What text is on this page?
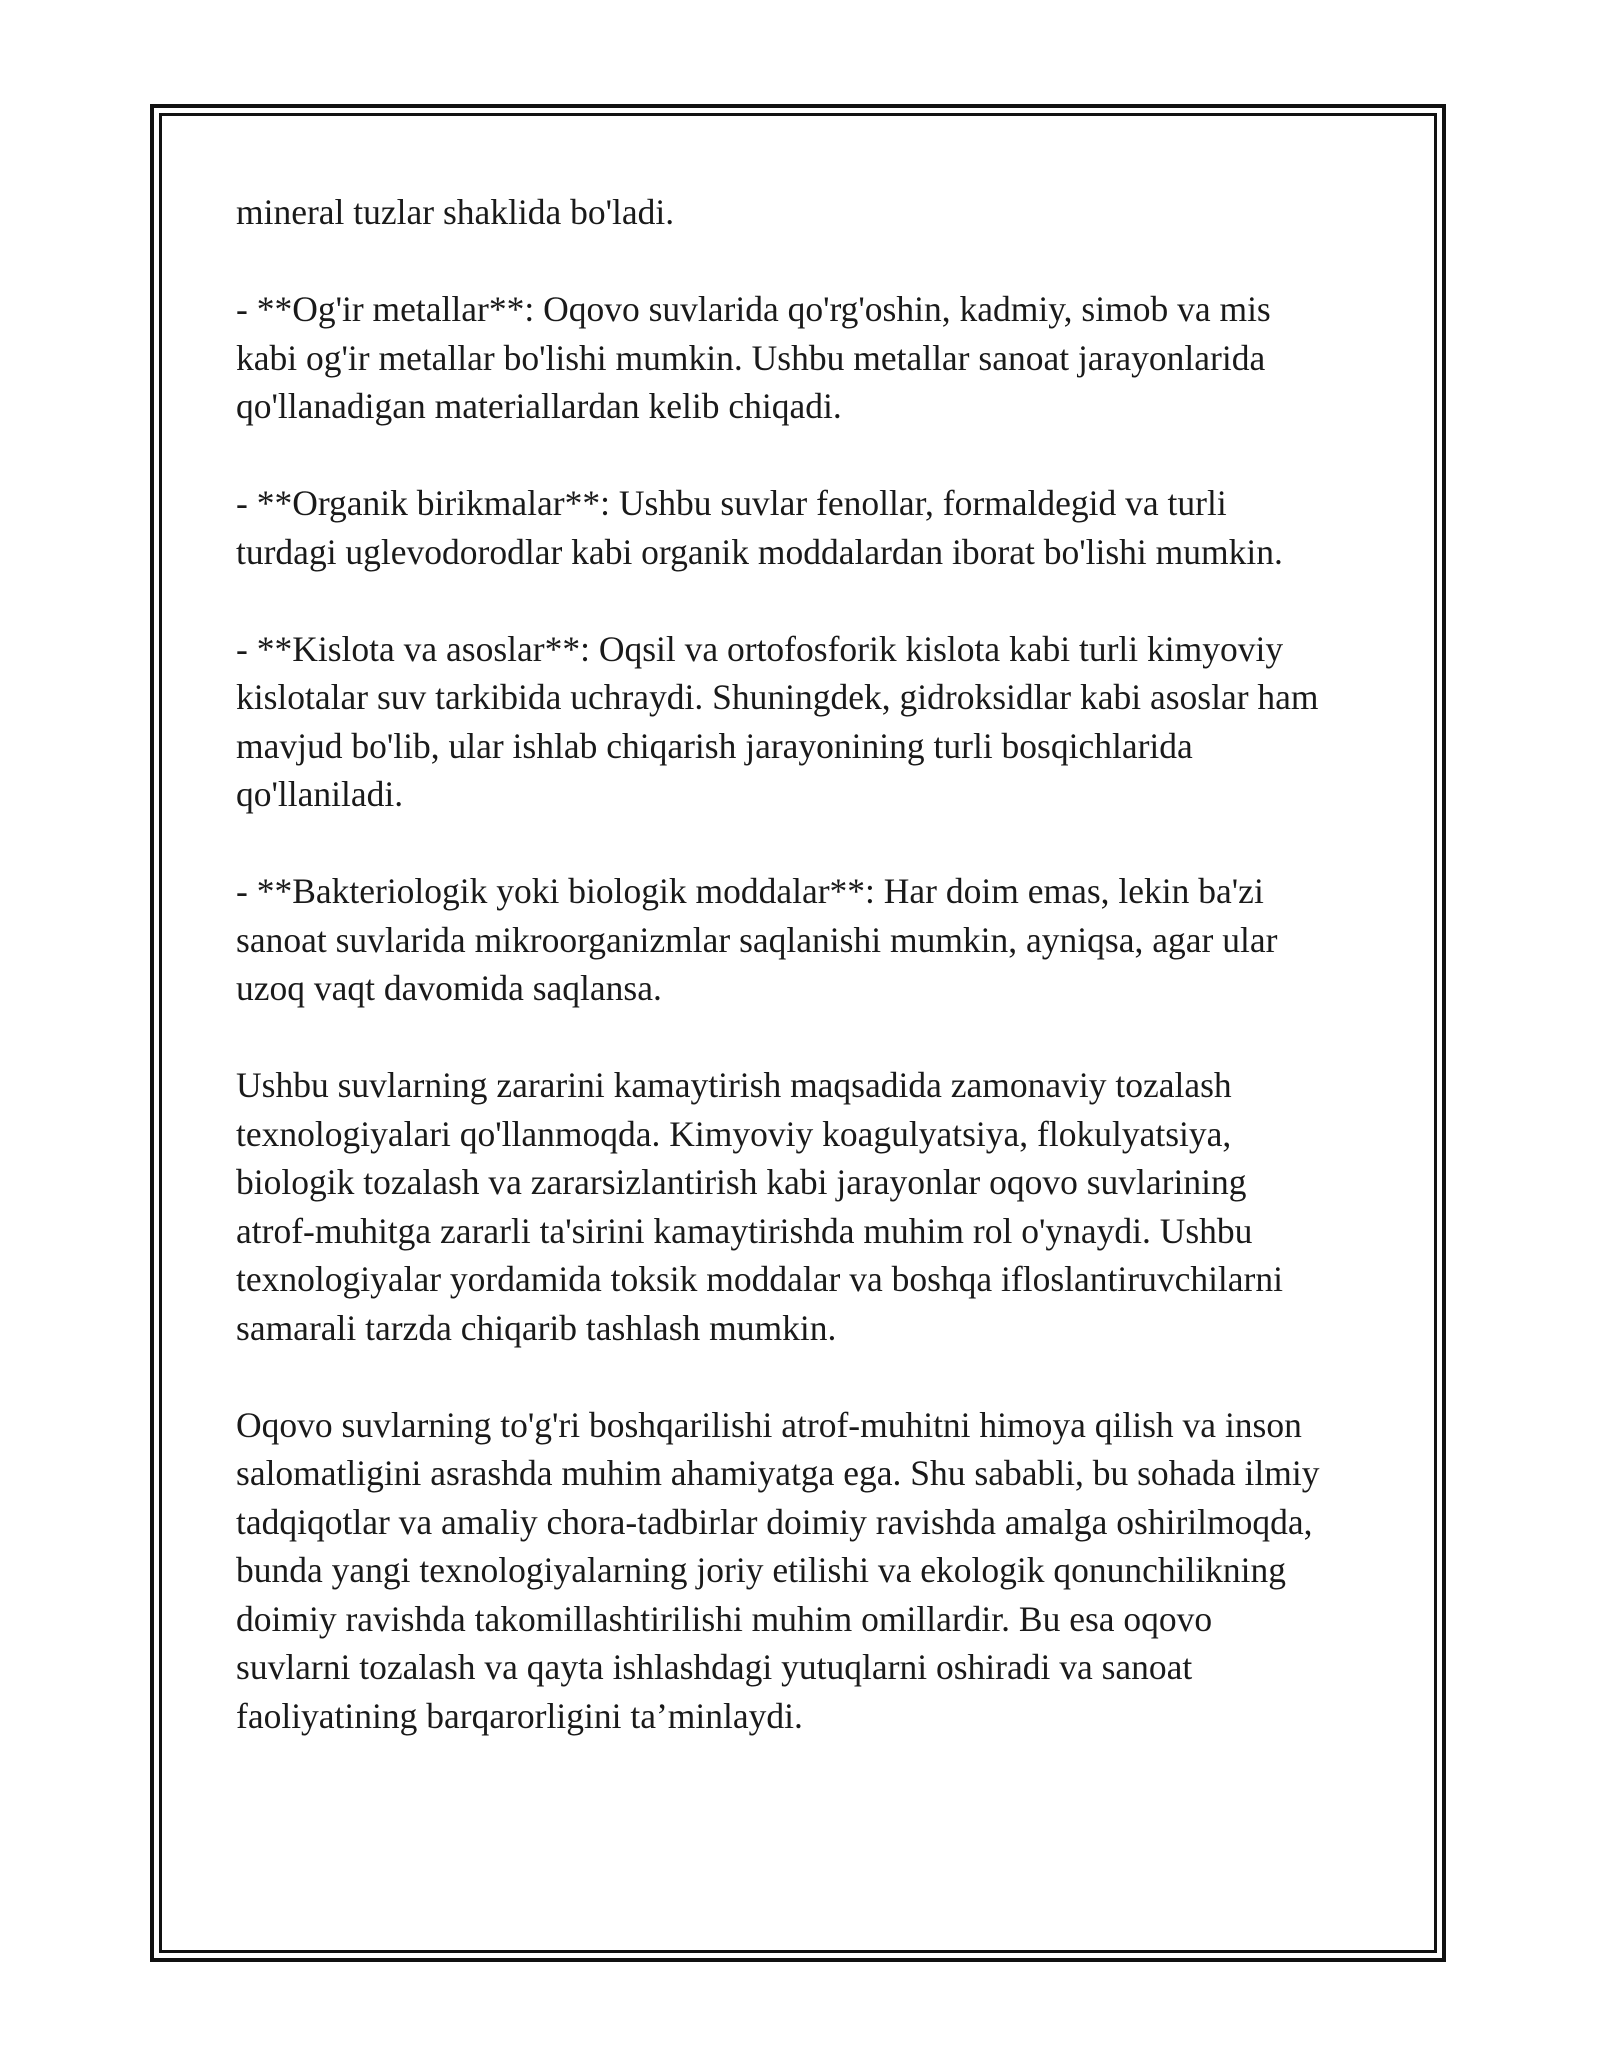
mineral tuzlar shaklida bo'ladi.

- **Og'ir metallar**: Oqovo suvlarida qo'rg'oshin, kadmiy, simob va mis
kabi og'ir metallar bo'lishi mumkin. Ushbu metallar sanoat jarayonlarida
qo'llanadigan materiallardan kelib chiqadi.

- **Organik birikmalar**: Ushbu suvlar fenollar, formaldegid va turli
turdagi uglevodorodlar kabi organik moddalardan iborat bo'lishi mumkin.

- **Kislota va asoslar**: Oqsil va ortofosforik kislota kabi turli kimyoviy
kislotalar suv tarkibida uchraydi. Shuningdek, gidroksidlar kabi asoslar ham
mavjud bo'lib, ular ishlab chiqarish jarayonining turli bosqichlarida
qo'llaniladi.

- **Bakteriologik yoki biologik moddalar**: Har doim emas, lekin ba'zi
sanoat suvlarida mikroorganizmlar saqlanishi mumkin, ayniqsa, agar ular
uzoq vaqt davomida saqlansa.

Ushbu suvlarning zararini kamaytirish maqsadida zamonaviy tozalash
texnologiyalari qo'llanmoqda. Kimyoviy koagulyatsiya, flokulyatsiya,
biologik tozalash va zararsizlantirish kabi jarayonlar oqovo suvlarining
atrof-muhitga zararli ta'sirini kamaytirishda muhim rol o'ynaydi. Ushbu
texnologiyalar yordamida toksik moddalar va boshqa ifloslantiruvchilarni
samarali tarzda chiqarib tashlash mumkin.

Oqovo suvlarning to'g'ri boshqarilishi atrof-muhitni himoya qilish va inson
salomatligini asrashda muhim ahamiyatga ega. Shu sababli, bu sohada ilmiy
tadqiqotlar va amaliy chora-tadbirlar doimiy ravishda amalga oshirilmoqda,
bunda yangi texnologiyalarning joriy etilishi va ekologik qonunchilikning
doimiy ravishda takomillashtirilishi muhim omillardir. Bu esa oqovo
suvlarni tozalash va qayta ishlashdagi yutuqlarni oshiradi va sanoat
faoliyatining barqarorligini ta’minlaydi.
